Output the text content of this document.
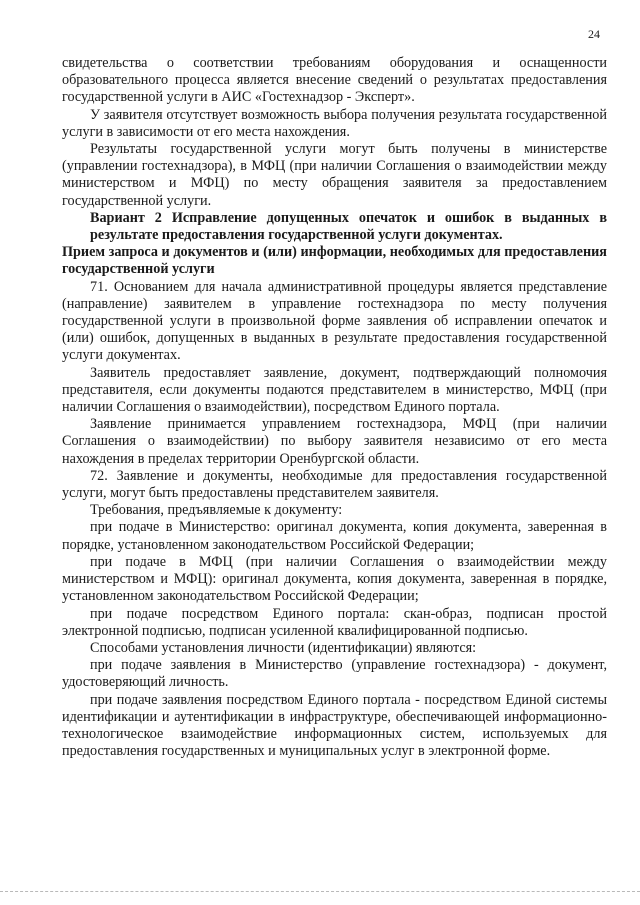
24

свидетельства о соответствии требованиям оборудования и оснащенности образовательного процесса является внесение сведений о результатах предоставления государственной услуги в АИС «Гостехнадзор - Эксперт».

У заявителя отсутствует возможность выбора получения результата государственной услуги в зависимости от его места нахождения.

Результаты государственной услуги могут быть получены в министерстве (управлении гостехнадзора), в МФЦ (при наличии Соглашения о взаимодействии между министерством и МФЦ) по месту обращения заявителя за предоставлением государственной услуги.

Вариант 2 Исправление допущенных опечаток и ошибок в выданных в результате предоставления государственной услуги документах.

Прием запроса и документов и (или) информации, необходимых для предоставления государственной услуги

71. Основанием для начала административной процедуры является представление (направление) заявителем в управление гостехнадзора по месту получения государственной услуги в произвольной форме заявления об исправлении опечаток и (или) ошибок, допущенных в выданных в результате предоставления государственной услуги документах.

Заявитель предоставляет заявление, документ, подтверждающий полномочия представителя, если документы подаются представителем в министерство, МФЦ (при наличии Соглашения о взаимодействии), посредством Единого портала.

Заявление принимается управлением гостехнадзора, МФЦ (при наличии Соглашения о взаимодействии) по выбору заявителя независимо от его места нахождения в пределах территории Оренбургской области.

72. Заявление и документы, необходимые для предоставления государственной услуги, могут быть предоставлены представителем заявителя.

Требования, предъявляемые к документу:

при подаче в Министерство: оригинал документа, копия документа, заверенная в порядке, установленном законодательством Российской Федерации;

при подаче в МФЦ (при наличии Соглашения о взаимодействии между министерством и МФЦ): оригинал документа, копия документа, заверенная в порядке, установленном законодательством Российской Федерации;

при подаче посредством Единого портала: скан-образ, подписан простой электронной подписью, подписан усиленной квалифицированной подписью.

Способами установления личности (идентификации) являются:

при подаче заявления в Министерство (управление гостехнадзора) - документ, удостоверяющий личность.

при подаче заявления посредством Единого портала - посредством Единой системы идентификации и аутентификации в инфраструктуре, обеспечивающей информационно-технологическое взаимодействие информационных систем, используемых для предоставления государственных и муниципальных услуг в электронной форме.
